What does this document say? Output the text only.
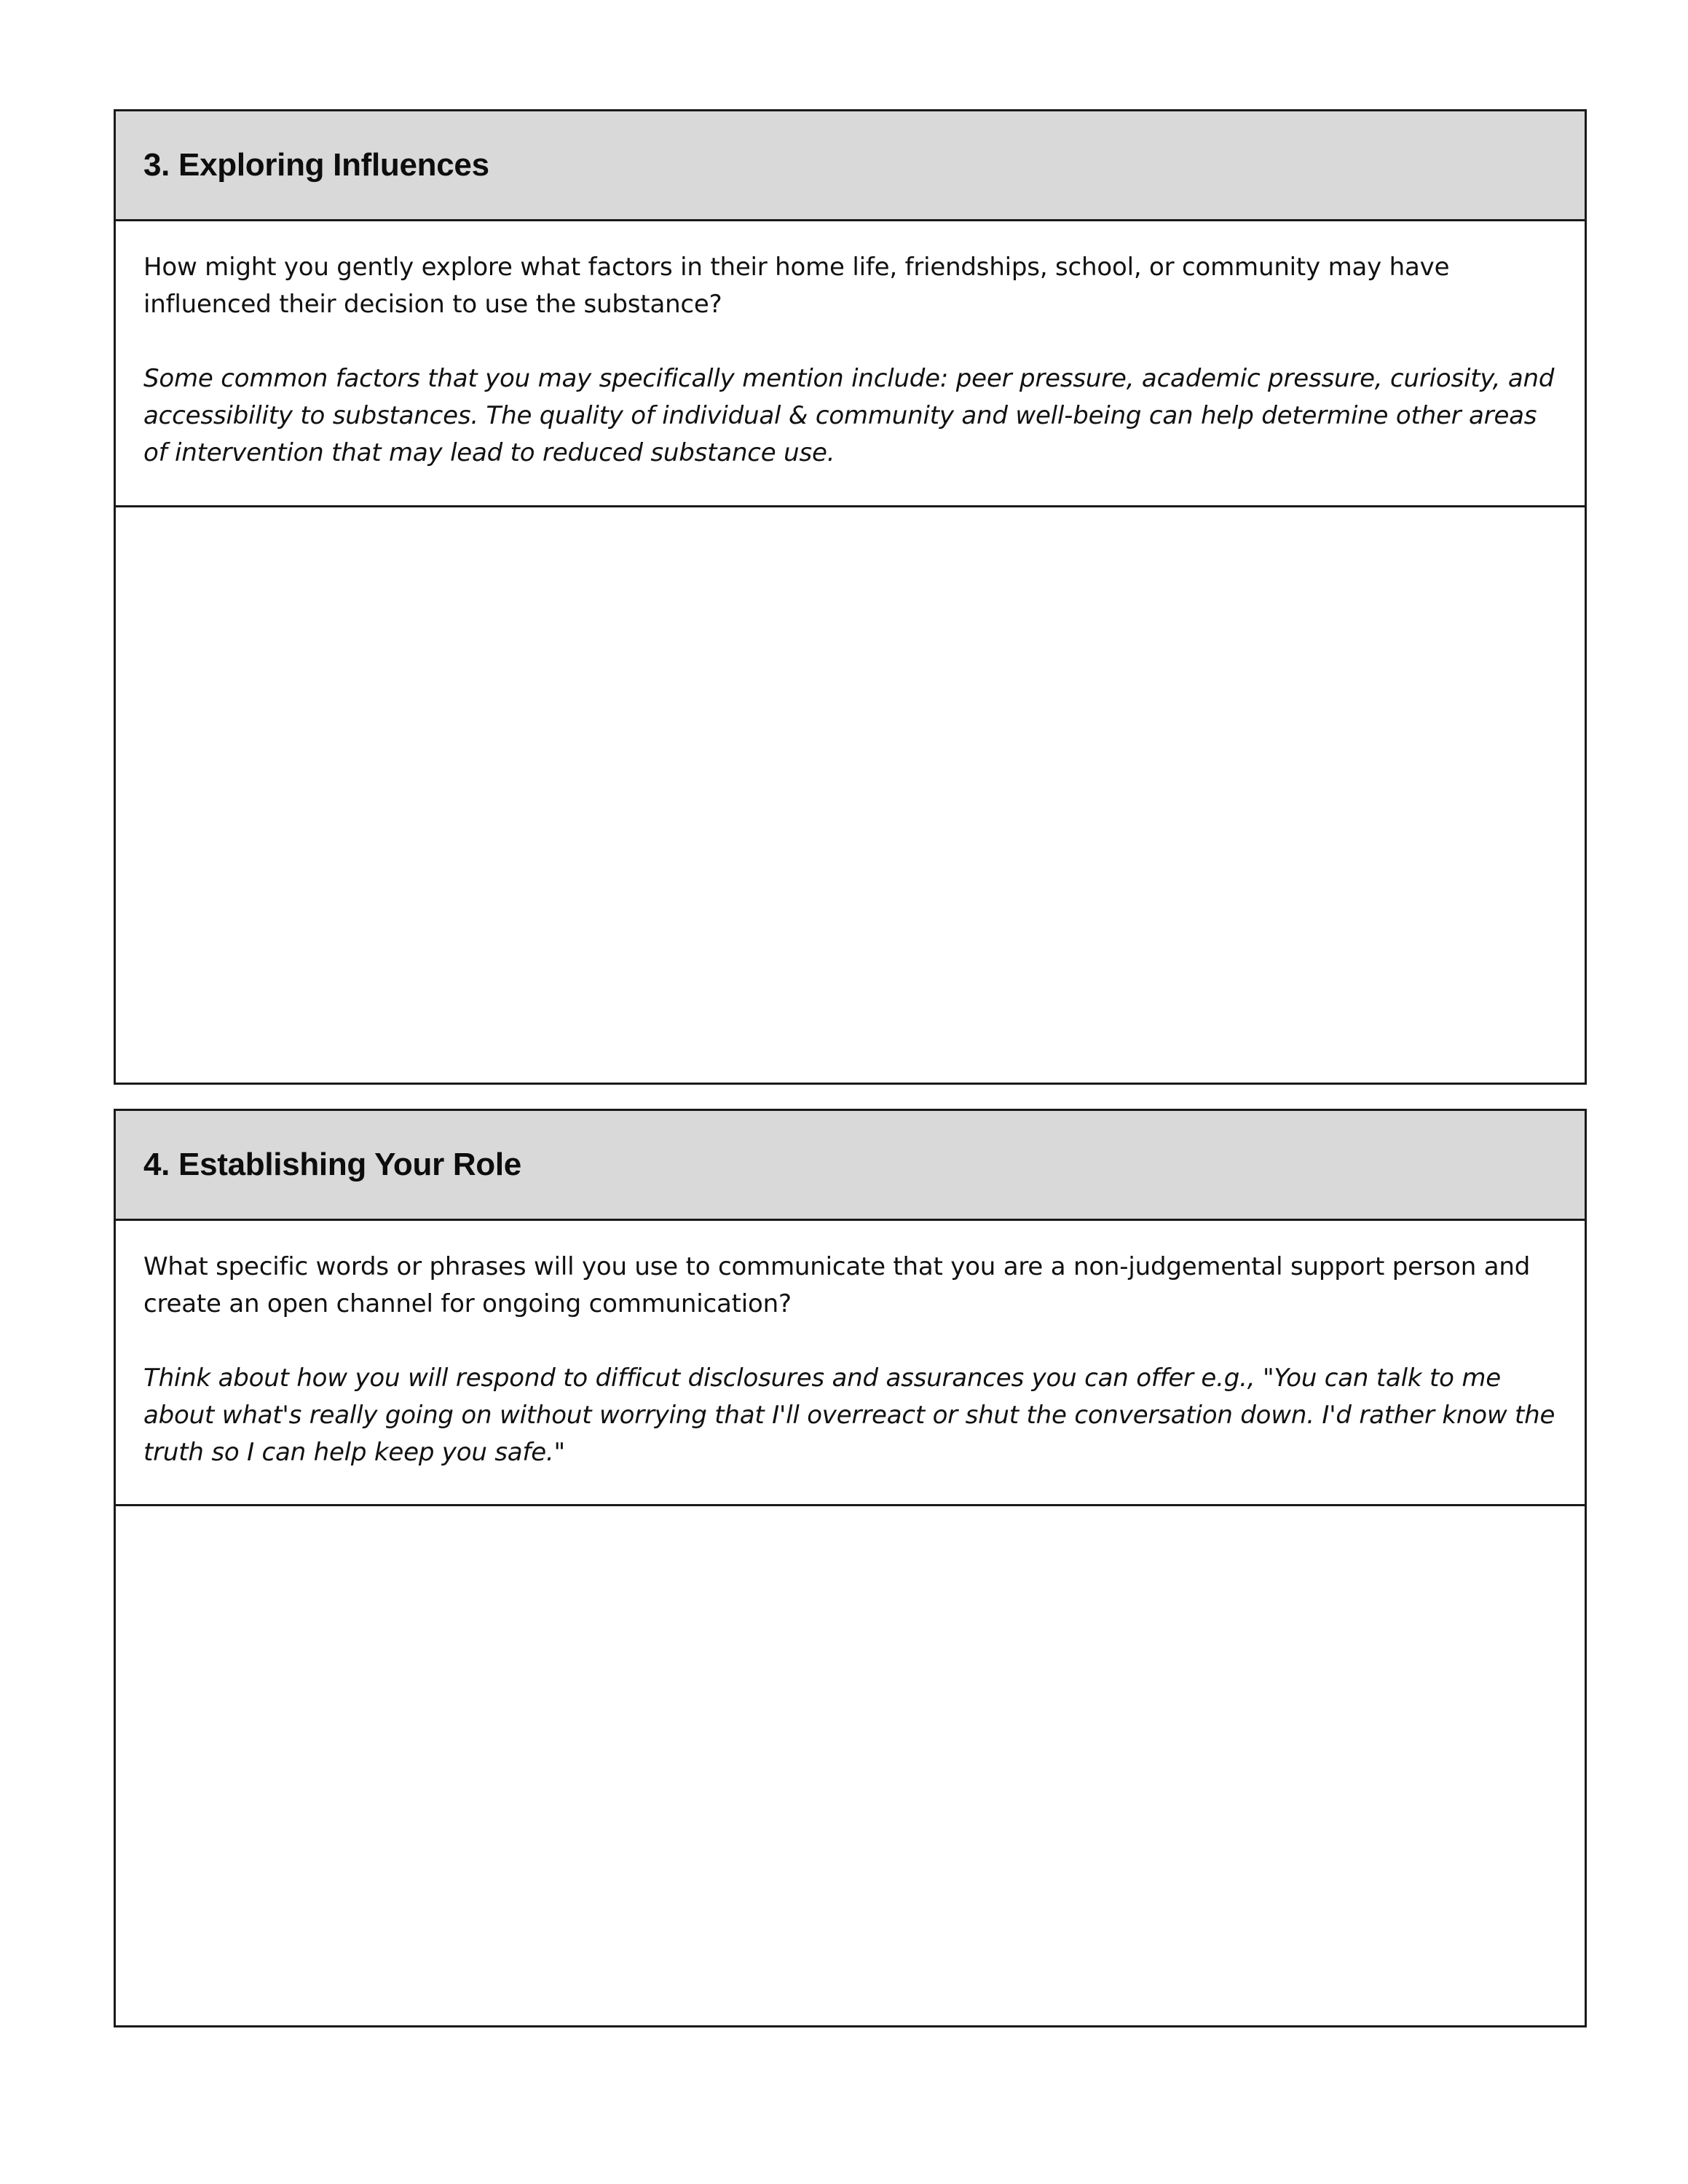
3. Exploring Influences

How might you gently explore what factors in their home life, friendships, school, or community may have influenced their decision to use the substance?

Some common factors that you may specifically mention include: peer pressure, academic pressure, curiosity, and accessibility to substances. The quality of individual & community and well-being can help determine other areas of intervention that may lead to reduced substance use.

4. Establishing Your Role

What specific words or phrases will you use to communicate that you are a non-judgemental support person and create an open channel for ongoing communication?

Think about how you will respond to difficut disclosures and assurances you can offer e.g., "You can talk to me about what's really going on without worrying that I'll overreact or shut the conversation down. I'd rather know the truth so I can help keep you safe."
